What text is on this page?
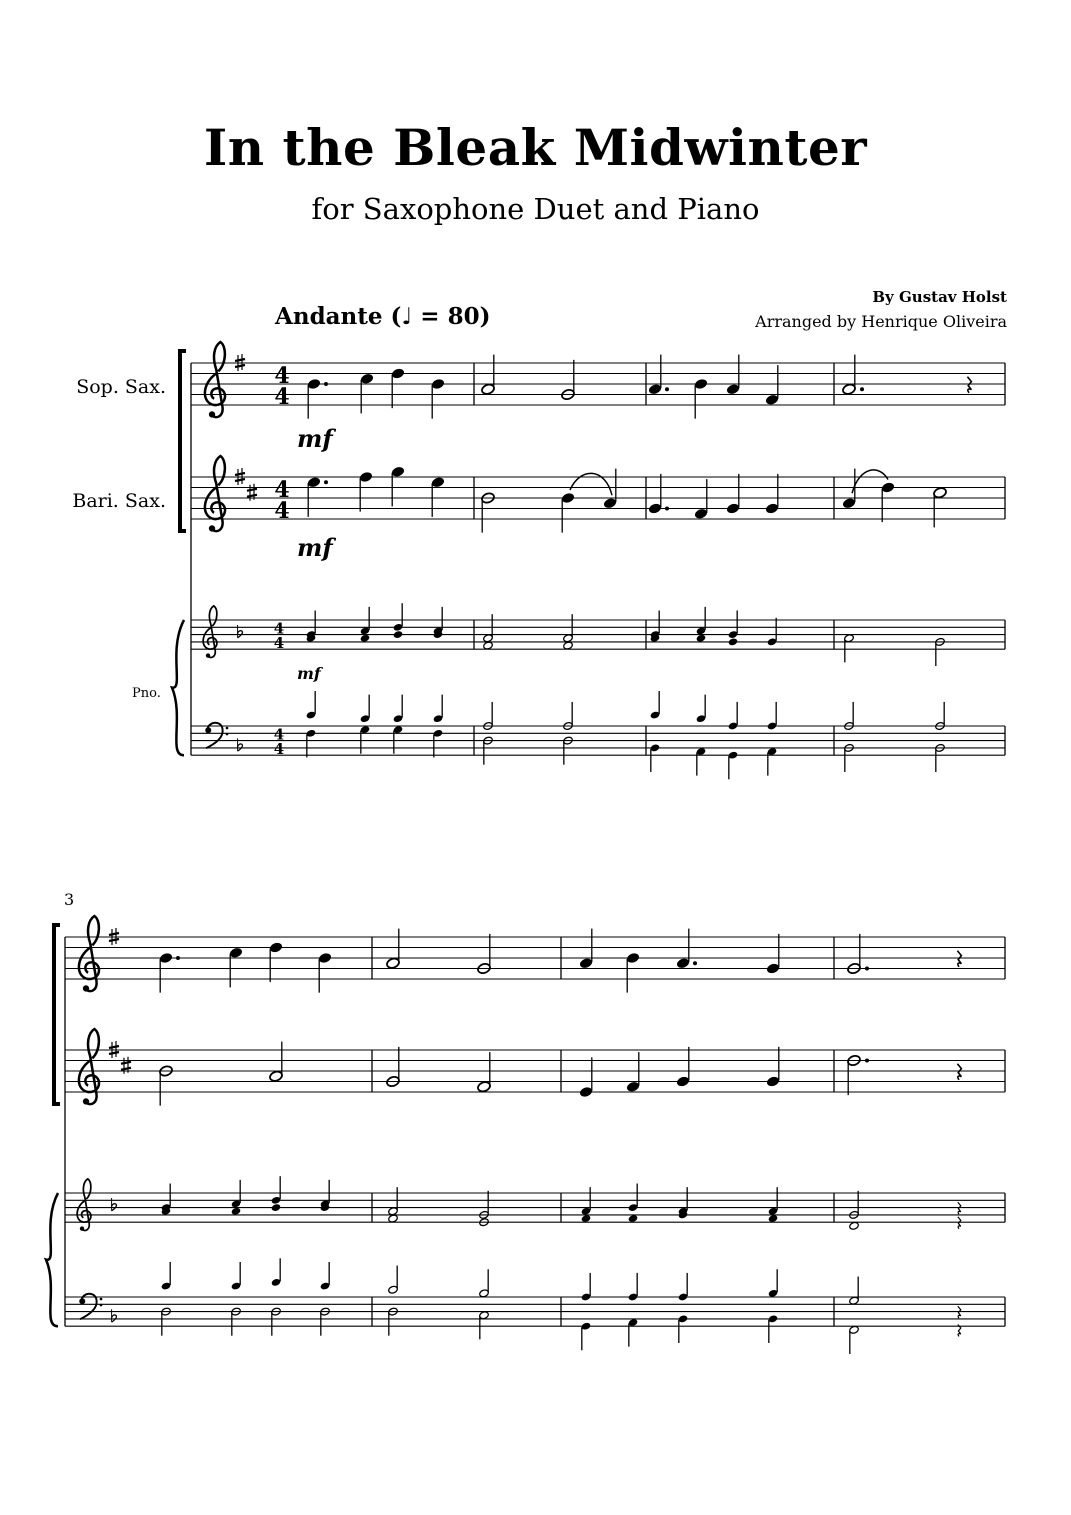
In the Bleak Midwinter
for Saxophone Duet and Piano
By Gustav Holst
Arranged by Henrique Oliveira
Andante (♩ = 80)
Sop. Sax.
Bari. Sax.
Pno.
3
4
4
4
4
4
4
4
4
mf
mf
mf
